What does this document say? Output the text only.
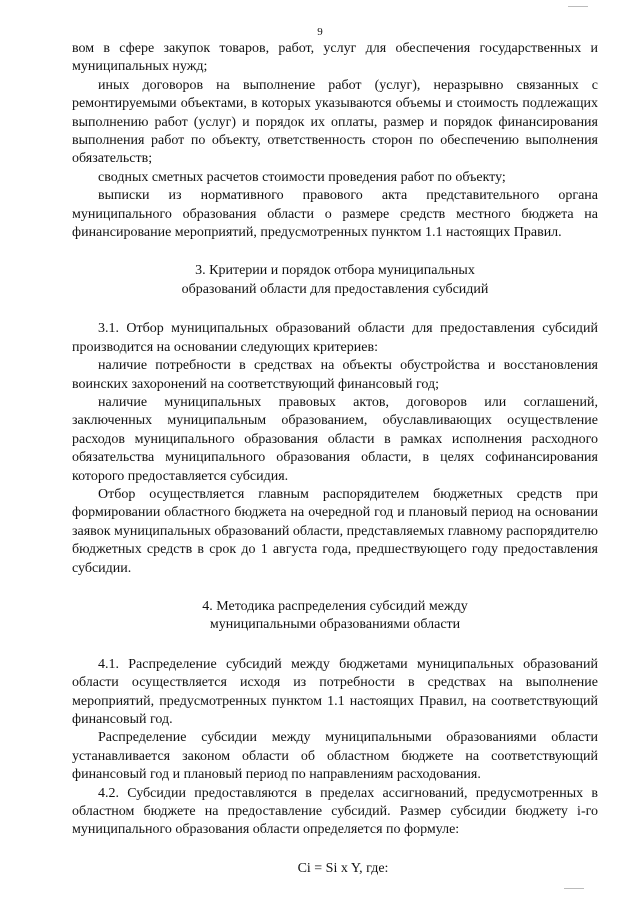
9

вом в сфере закупок товаров, работ, услуг для обеспечения государственных и муниципальных нужд;

иных договоров на выполнение работ (услуг), неразрывно связанных с ремонтируемыми объектами, в которых указываются объемы и стоимость подлежащих выполнению работ (услуг) и порядок их оплаты, размер и порядок финансирования выполнения работ по объекту, ответственность сторон по обеспечению выполнения обязательств;

сводных сметных расчетов стоимости проведения работ по объекту;

выписки из нормативного правового акта представительного органа муниципального образования области о размере средств местного бюджета на финансирование мероприятий, предусмотренных пунктом 1.1 настоящих Правил.

3. Критерии и порядок отбора муниципальных
образований области для предоставления субсидий

3.1. Отбор муниципальных образований области для предоставления субсидий производится на основании следующих критериев:

наличие потребности в средствах на объекты обустройства и восстановления воинских захоронений на соответствующий финансовый год;

наличие муниципальных правовых актов, договоров или соглашений, заключенных муниципальным образованием, обуславливающих осуществление расходов муниципального образования области в рамках исполнения расходного обязательства муниципального образования области, в целях софинансирования которого предоставляется субсидия.

Отбор осуществляется главным распорядителем бюджетных средств при формировании областного бюджета на очередной год и плановый период на основании заявок муниципальных образований области, представляемых главному распорядителю бюджетных средств в срок до 1 августа года, предшествующего году предоставления субсидии.

4. Методика распределения субсидий между
муниципальными образованиями области

4.1. Распределение субсидий между бюджетами муниципальных образований области осуществляется исходя из потребности в средствах на выполнение мероприятий, предусмотренных пунктом 1.1 настоящих Правил, на соответствующий финансовый год.

Распределение субсидии между муниципальными образованиями области устанавливается законом области об областном бюджете на соответствующий финансовый год и плановый период по направлениям расходования.

4.2. Субсидии предоставляются в пределах ассигнований, предусмотренных в областном бюджете на предоставление субсидий. Размер субсидии бюджету i-го муниципального образования области определяется по формуле:

Ci = Si x Y, где:
